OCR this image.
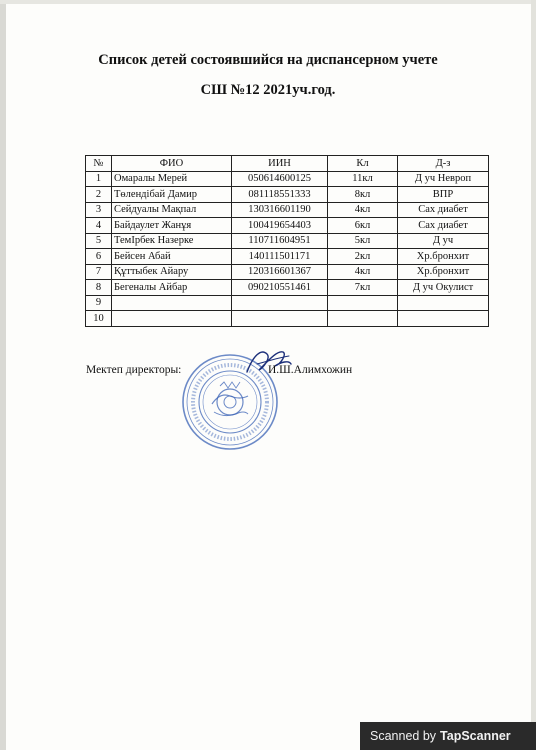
Список детей состоявшийся на диспансерном учете
СШ №12 2021уч.год.
№	ФИО	ИИН	Кл	Д-з
1	Омаралы Мерей	050614600125	11кл	Д уч Невроп
2	Төлендібай Дамир	081118551333	8кл	ВПР
3	Сейдуалы Мақпал	130316601190	4кл	Сах диабет
4	Байдаулет Жанұя	100419654403	6кл	Сах диабет
5	ТемІрбек Назерке	110711604951	5кл	Д уч
6	Бейсен Абай	140111501171	2кл	Хр.бронхит
7	Құттыбек Айару	120316601367	4кл	Хр.бронхит
8	Бегеналы Айбар	090210551461	7кл	Д уч Окулист
9				
10				
Мектеп директоры:	И.Ш.Алимхожин
Scanned by TapScanner
